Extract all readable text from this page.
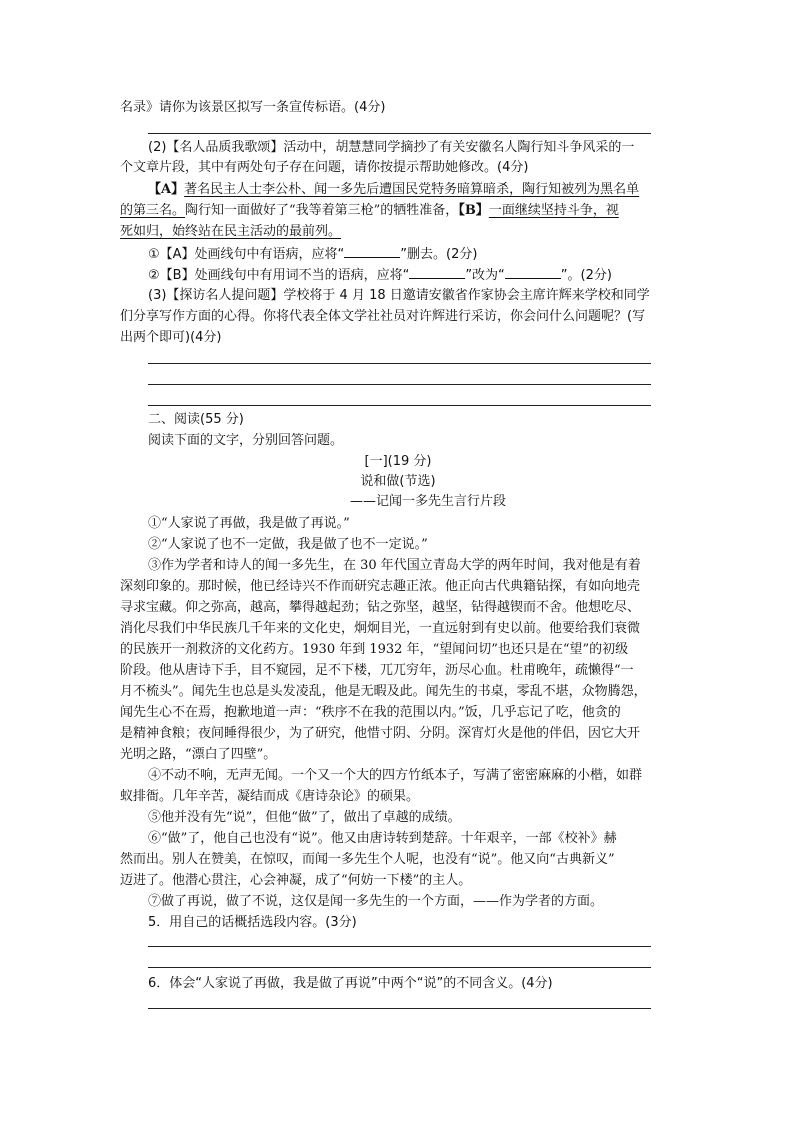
名录》请你为该景区拟写一条宣传标语。(4分)
(2)【名人品质我歌颂】活动中，胡慧慧同学摘抄了有关安徽名人陶行知斗争风采的一
个文章片段，其中有两处句子存在问题，请你按提示帮助她修改。(4分)
【A】著名民主人士李公朴、闻一多先后遭国民党特务暗算暗杀，陶行知被列为黑名单
的第三名。陶行知一面做好了“我等着第三枪”的牺牲准备，【B】一面继续坚持斗争，视
死如归，始终站在民主活动的最前列。
①【A】处画线句中有语病，应将“	”删去。(2分)
②【B】处画线句中有用词不当的语病，应将“	”改为“	”。(2分)
(3)【探访名人提问题】学校将于 4 月 18 日邀请安徽省作家协会主席许辉来学校和同学
们分享写作方面的心得。你将代表全体文学社社员对许辉进行采访，你会问什么问题呢？(写
出两个即可)(4分)
二、阅读(55 分)
阅读下面的文字，分别回答问题。
[一](19 分)
说和做(节选)
——记闻一多先生言行片段
①“人家说了再做，我是做了再说。”
②“人家说了也不一定做，我是做了也不一定说。”
③作为学者和诗人的闻一多先生，在 30 年代国立青岛大学的两年时间，我对他是有着
深刻印象的。那时候，他已经诗兴不作而研究志趣正浓。他正向古代典籍钻探，有如向地壳
寻求宝藏。仰之弥高，越高，攀得越起劲；钻之弥坚，越坚，钻得越锲而不舍。他想吃尽、
消化尽我们中华民族几千年来的文化史，炯炯目光，一直远射到有史以前。他要给我们衰微
的民族开一剂救济的文化药方。1930 年到 1932 年，“望闻问切”也还只是在“望”的初级
阶段。他从唐诗下手，目不窥园，足不下楼，兀兀穷年，沥尽心血。杜甫晚年，疏懒得“一
月不梳头”。闻先生也总是头发凌乱，他是无暇及此。闻先生的书桌，零乱不堪，众物腾怨，
闻先生心不在焉，抱歉地道一声：“秩序不在我的范围以内。”饭，几乎忘记了吃，他贪的
是精神食粮；夜间睡得很少，为了研究，他惜寸阴、分阴。深宵灯火是他的伴侣，因它大开
光明之路，“漂白了四壁”。
④不动不响，无声无闻。一个又一个大的四方竹纸本子，写满了密密麻麻的小楷，如群
蚁排衙。几年辛苦，凝结而成《唐诗杂论》的硕果。
⑤他并没有先“说”，但他“做”了，做出了卓越的成绩。
⑥“做”了，他自己也没有“说”。他又由唐诗转到楚辞。十年艰辛，一部《校补》赫
然而出。别人在赞美，在惊叹，而闻一多先生个人呢，也没有“说”。他又向“古典新义”
迈进了。他潜心贯注，心会神凝，成了“何妨一下楼”的主人。
⑦做了再说，做了不说，这仅是闻一多先生的一个方面，——作为学者的方面。
5．用自己的话概括选段内容。(3分)
6．体会“人家说了再做，我是做了再说”中两个“说”的不同含义。(4分)
